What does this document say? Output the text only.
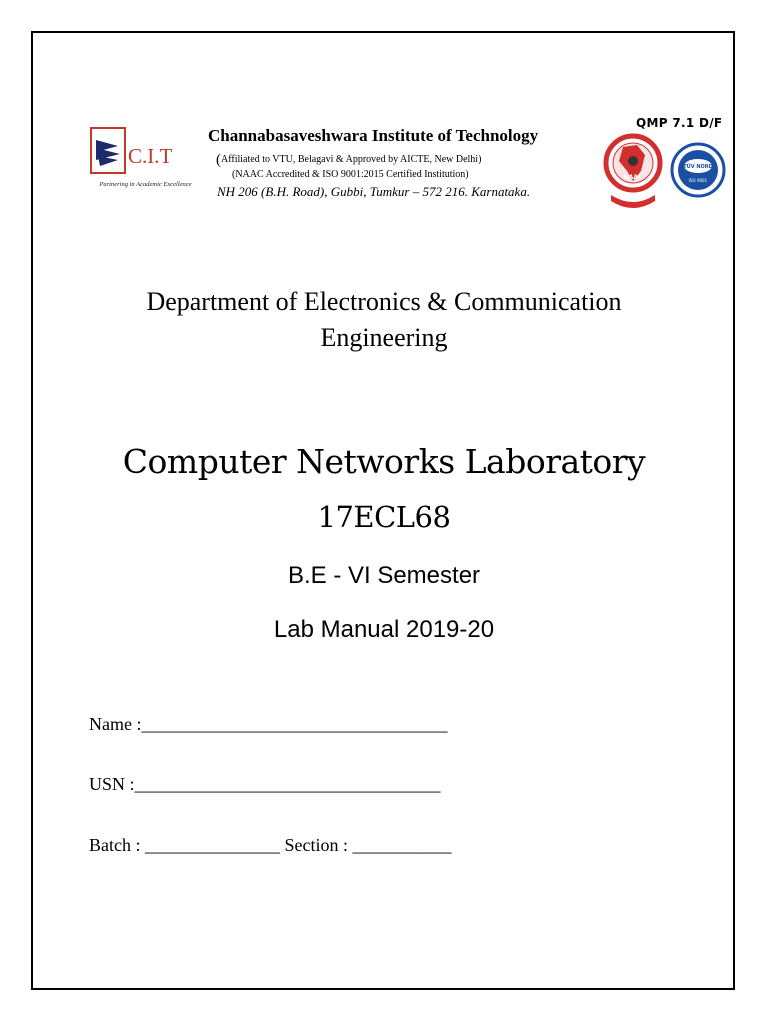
QMP 7.1 D/F
C.I.T
Partnering in Academic Excellence
Channabasaveshwara Institute of Technology
(Affiliated to VTU, Belagavi & Approved by AICTE, New Delhi)
(NAAC Accredited & ISO 9001:2015 Certified Institution)
NH 206 (B.H. Road), Gubbi, Tumkur – 572 216. Karnataka.
NAAC
TÜV NORD
ISO 9001
Department of Electronics & Communication
Engineering
Computer Networks Laboratory
17ECL68
B.E - VI Semester
Lab Manual 2019-20
Name :__________________________________
USN :__________________________________
Batch : _______________ Section : ___________
